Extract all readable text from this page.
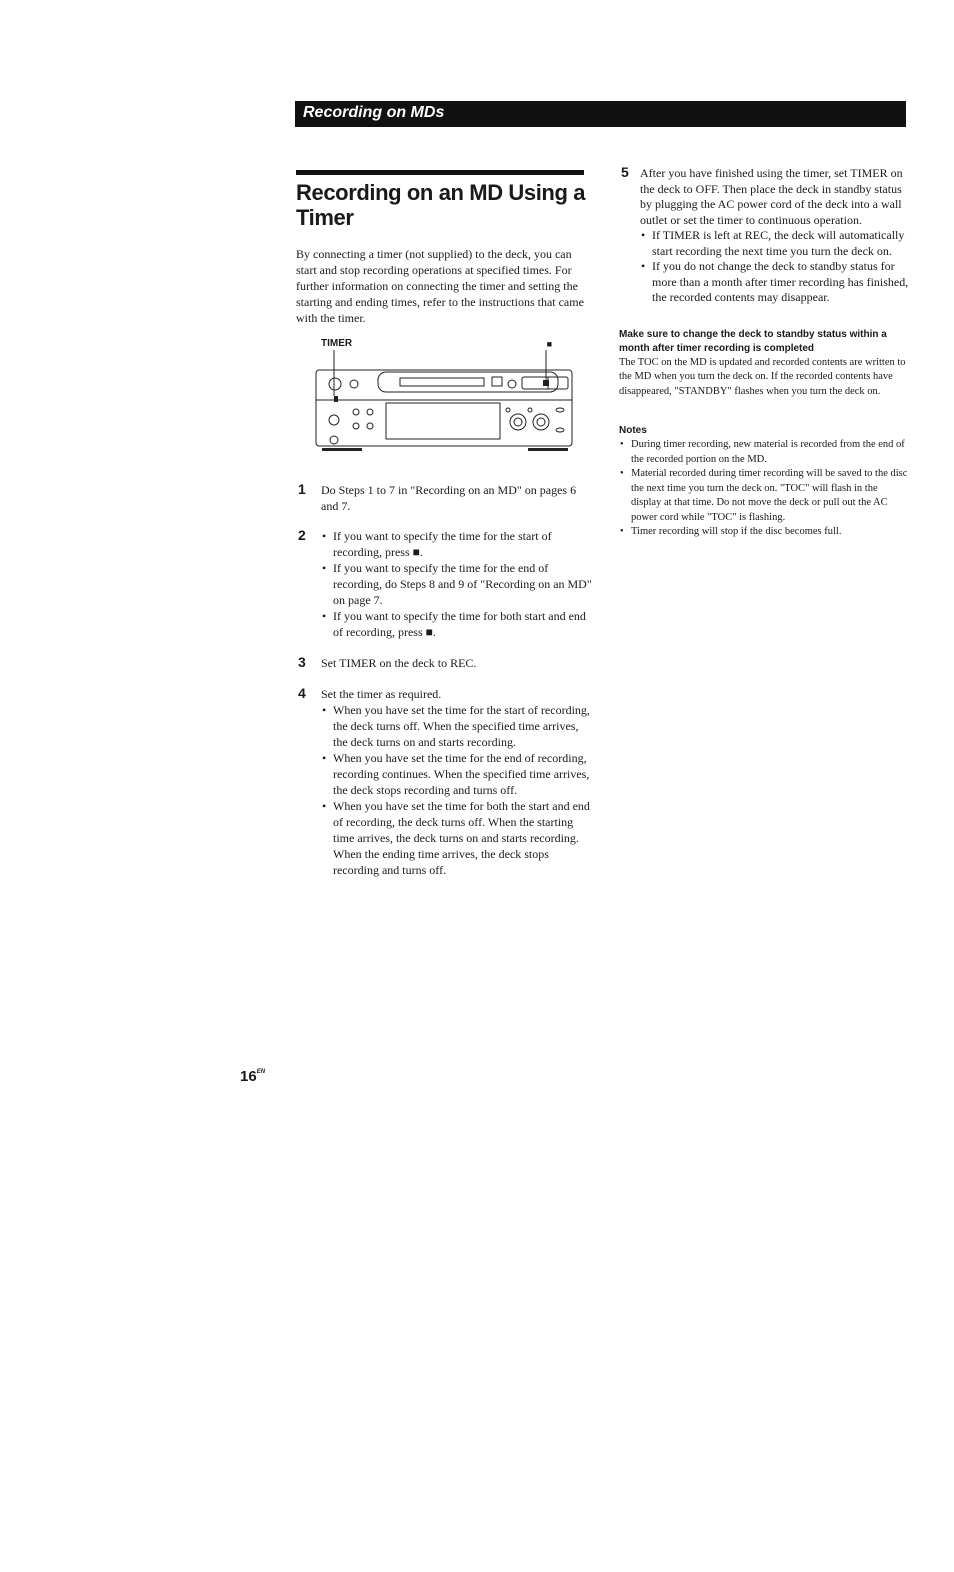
Recording on MDs
Recording on an MD Using a Timer

By connecting a timer (not supplied) to the deck, you can start and stop recording operations at specified times. For further information on connecting the timer and setting the starting and ending times, refer to the instructions that came with the timer.

TIMER	■
1 Do Steps 1 to 7 in "Recording on an MD" on pages 6 and 7.
2
•	If you want to specify the time for the start of recording, press ■.
• If you want to specify the time for the end of recording, do Steps 8 and 9 of "Recording on an MD" on page 7.
• If you want to specify the time for both start and end of recording, press ■.
3 Set TIMER on the deck to REC.
4 Set the timer as required.
• When you have set the time for the start of recording, the deck turns off. When the specified time arrives, the deck turns on and starts recording.
• When you have set the time for the end of recording, recording continues. When the specified time arrives, the deck stops recording and turns off.
• When you have set the time for both the start and end of recording, the deck turns off. When the starting time arrives, the deck turns on and starts recording. When the ending time arrives, the deck stops recording and turns off.
5 After you have finished using the timer, set TIMER on the deck to OFF. Then place the deck in standby status by plugging the AC power cord of the deck into a wall outlet or set the timer to continuous operation.
• If TIMER is left at REC, the deck will automatically start recording the next time you turn the deck on.
• If you do not change the deck to standby status for more than a month after timer recording has finished, the recorded contents may disappear.
Make sure to change the deck to standby status within a month after timer recording is completed
The TOC on the MD is updated and recorded contents are written to the MD when you turn the deck on. If the recorded contents have disappeared, "STANDBY" flashes when you turn the deck on.
Notes
• During timer recording, new material is recorded from the end of the recorded portion on the MD.
• Material recorded during timer recording will be saved to the disc the next time you turn the deck on. "TOC" will flash in the display at that time. Do not move the deck or pull out the AC power cord while "TOC" is flashing.
• Timer recording will stop if the disc becomes full.
$16^{EN}$
